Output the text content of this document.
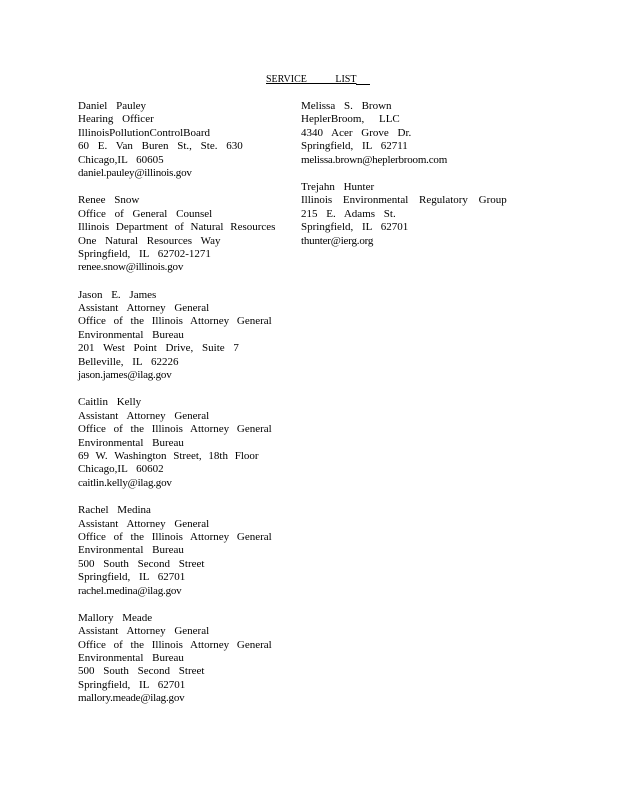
SERVICE LIST
Daniel Pauley
Hearing Officer
Illinois Pollution Control Board
60 E. Van Buren St., Ste. 630
Chicago,IL 60605
daniel.pauley@illinois.gov
Renee Snow
Office of General Counsel
Illinois Department of Natural Resources
One Natural Resources Way
Springfield, IL 62702-1271
renee.snow@illinois.gov
Jason E. James
Assistant Attorney General
Office of the Illinois Attorney General
Environmental Bureau
201 West Point Drive, Suite 7
Belleville, IL 62226
jason.james@ilag.gov
Caitlin Kelly
Assistant Attorney General
Office of the Illinois Attorney General
Environmental Bureau
69 W. Washington Street, 18th Floor
Chicago,IL 60602
caitlin.kelly@ilag.gov
Rachel Medina
Assistant Attorney General
Office of the Illinois Attorney General
Environmental Bureau
500 South Second Street
Springfield, IL 62701
rachel.medina@ilag.gov
Mallory Meade
Assistant Attorney General
Office of the Illinois Attorney General
Environmental Bureau
500 South Second Street
Springfield, IL 62701
mallory.meade@ilag.gov
Melissa S. Brown
HeplerBroom, LLC
4340 Acer Grove Dr.
Springfield, IL 62711
melissa.brown@heplerbroom.com
Trejahn Hunter
Illinois Environmental Regulatory Group
215 E. Adams St.
Springfield, IL 62701
thunter@ierg.org
